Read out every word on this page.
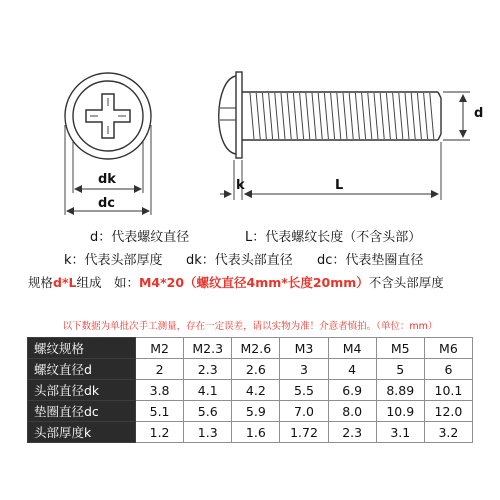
dk
dc
k	L
d
d：代表螺纹直径	L：代表螺纹长度（不含头部）
k：代表头部厚度 dk：代表头部直径 dc：代表垫圈直径
规格d*L组成　如：M4*20（螺纹直径4mm*长度20mm）不含头部厚度
以下数据为单批次手工测量，存在一定误差，请以实物为准！介意者慎拍。（单位：mm）
螺纹规格	M2	M2.3	M2.6	M3	M4	M5	M6
螺纹直径d	2	2.3	2.6	3	4	5	6
头部直径dk	3.8	4.1	4.2	5.5	6.9	8.89	10.1
垫圈直径dc	5.1	5.6	5.9	7.0	8.0	10.9	12.0
头部厚度k	1.2	1.3	1.6	1.72	2.3	3.1	3.2
